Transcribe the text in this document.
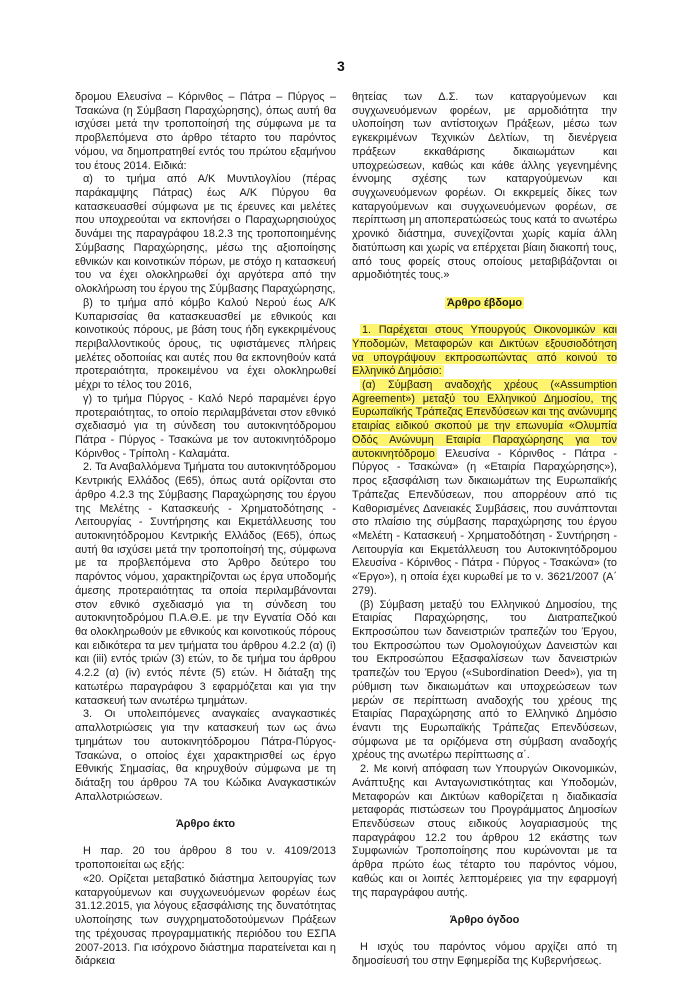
3

δρομου Ελευσίνα – Κόρινθος – Πάτρα – Πύργος – Τσακώνα (η Σύμβαση Παραχώρησης), όπως αυτή θα ισχύσει μετά την τροποποίησή της σύμφωνα με τα προβλεπόμενα στο άρθρο τέταρτο του παρόντος νόμου, να δημοπρατηθεί εντός του πρώτου εξαμήνου του έτους 2014. Ειδικά:

α) το τμήμα από Α/Κ Μυντιλογλίου (πέρας παράκαμψης Πάτρας) έως Α/Κ Πύργου θα κατασκευασθεί σύμφωνα με τις έρευνες και μελέτες που υποχρεούται να εκπονήσει ο Παραχωρησιούχος δυνάμει της παραγράφου 18.2.3 της τροποποιημένης Σύμβασης Παραχώρησης, μέσω της αξιοποίησης εθνικών και κοινοτικών πόρων, με στόχο η κατασκευή του να έχει ολοκληρωθεί όχι αργότερα από την ολοκλήρωση του έργου της Σύμβασης Παραχώρησης,

β) το τμήμα από κόμβο Καλού Νερού έως Α/Κ Κυπαρισσίας θα κατασκευασθεί με εθνικούς και κοινοτικούς πόρους, με βάση τους ήδη εγκεκριμένους περιβαλλοντικούς όρους, τις υφιστάμενες πλήρεις μελέτες οδοποιίας και αυτές που θα εκπονηθούν κατά προτεραιότητα, προκειμένου να έχει ολοκληρωθεί μέχρι το τέλος του 2016,

γ) το τμήμα Πύργος - Καλό Νερό παραμένει έργο προτεραιότητας, το οποίο περιλαμβάνεται στον εθνικό σχεδιασμό για τη σύνδεση του αυτοκινητόδρομου Πάτρα - Πύργος - Τσακώνα με τον αυτοκινητόδρομο Κόρινθος - Τρίπολη - Καλαμάτα.

2. Τα Αναβαλλόμενα Τμήματα του αυτοκινητόδρομου Κεντρικής Ελλάδος (Ε65), όπως αυτά ορίζονται στο άρθρο 4.2.3 της Σύμβασης Παραχώρησης του έργου της Μελέτης - Κατασκευής - Χρηματοδότησης - Λειτουργίας - Συντήρησης και Εκμετάλλευσης του αυτοκινητόδρομου Κεντρικής Ελλάδος (Ε65), όπως αυτή θα ισχύσει μετά την τροποποίησή της, σύμφωνα με τα προβλεπόμενα στο Άρθρο δεύτερο του παρόντος νόμου, χαρακτηρίζονται ως έργα υποδομής άμεσης προτεραιότητας τα οποία περιλαμβάνονται στον εθνικό σχεδιασμό για τη σύνδεση του αυτοκινητοδρόμου Π.Α.Θ.Ε. με την Εγνατία Οδό και θα ολοκληρωθούν με εθνικούς και κοινοτικούς πόρους και ειδικότερα τα μεν τμήματα του άρθρου 4.2.2 (α) (i) και (iii) εντός τριών (3) ετών, το δε τμήμα του άρθρου 4.2.2 (α) (iv) εντός πέντε (5) ετών. Η διάταξη της κατωτέρω παραγράφου 3 εφαρμόζεται και για την κατασκευή των ανωτέρω τμημάτων.

3. Οι υπολειπόμενες αναγκαίες αναγκαστικές απαλλοτριώσεις για την κατασκευή των ως άνω τμημάτων του αυτοκινητόδρομου Πάτρα-Πύργος-Τσακώνα, ο οποίος έχει χαρακτηρισθεί ως έργο Εθνικής Σημασίας, θα κηρυχθούν σύμφωνα με τη διάταξη του άρθρου 7Α του Κώδικα Αναγκαστικών Απαλλοτριώσεων.

Άρθρο έκτο

Η παρ. 20 του άρθρου 8 του ν. 4109/2013 τροποποιείται ως εξής:

«20. Ορίζεται μεταβατικό διάστημα λειτουργίας των καταργούμενων και συγχωνευόμενων φορέων έως 31.12.2015, για λόγους εξασφάλισης της δυνατότητας υλοποίησης των συγχρηματοδοτούμενων Πράξεων της τρέχουσας προγραμματικής περιόδου του ΕΣΠΑ 2007-2013. Για ισόχρονο διάστημα παρατείνεται και η διάρκεια

θητείας των Δ.Σ. των καταργούμενων και συγχωνευόμενων φορέων, με αρμοδιότητα την υλοποίηση των αντίστοιχων Πράξεων, μέσω των εγκεκριμένων Τεχνικών Δελτίων, τη διενέργεια πράξεων εκκαθάρισης δικαιωμάτων και υποχρεώσεων, καθώς και κάθε άλλης γεγενημένης έννομης σχέσης των καταργούμενων και συγχωνευόμενων φορέων. Οι εκκρεμείς δίκες των καταργούμενων και συγχωνευόμενων φορέων, σε περίπτωση μη αποπερατώσεώς τους κατά το ανωτέρω χρονικό διάστημα, συνεχίζονται χωρίς καμία άλλη διατύπωση και χωρίς να επέρχεται βίαιη διακοπή τους, από τους φορείς στους οποίους μεταβιβάζονται οι αρμοδιότητές τους.»

Άρθρο έβδομο

1. Παρέχεται στους Υπουργούς Οικονομικών και Υποδομών, Μεταφορών και Δικτύων εξουσιοδότηση να υπογράψουν εκπροσωπώντας από κοινού το Ελληνικό Δημόσιο:

(α) Σύμβαση αναδοχής χρέους («Assumption Agreement») μεταξύ του Ελληνικού Δημοσίου, της Ευρωπαϊκής Τράπεζας Επενδύσεων και της ανώνυμης εταιρίας ειδικού σκοπού με την επωνυμία «Ολυμπία Οδός Ανώνυμη Εταιρία Παραχώρησης για τον αυτοκινητόδρομο Ελευσίνα - Κόρινθος - Πάτρα - Πύργος - Τσακώνα» (η «Εταιρία Παραχώρησης»), προς εξασφάλιση των δικαιωμάτων της Ευρωπαϊκής Τράπεζας Επενδύσεων, που απορρέουν από τις Καθορισμένες Δανειακές Συμβάσεις, που συνάπτονται στο πλαίσιο της σύμβασης παραχώρησης του έργου «Μελέτη - Κατασκευή - Χρηματοδότηση - Συντήρηση - Λειτουργία και Εκμετάλλευση του Αυτοκινητόδρομου Ελευσίνα - Κόρινθος - Πάτρα - Πύργος - Τσακώνα» (το «Έργο»), η οποία έχει κυρωθεί με το ν. 3621/2007 (Α΄ 279).

(β) Σύμβαση μεταξύ του Ελληνικού Δημοσίου, της Εταιρίας Παραχώρησης, του Διατραπεζικού Εκπροσώπου των δανειστριών τραπεζών του Έργου, του Εκπροσώπου των Ομολογιούχων Δανειστών και του Εκπροσώπου Εξασφαλίσεων των δανειστριών τραπεζών του Έργου («Subordination Deed»), για τη ρύθμιση των δικαιωμάτων και υποχρεώσεων των μερών σε περίπτωση αναδοχής του χρέους της Εταιρίας Παραχώρησης από το Ελληνικό Δημόσιο έναντι της Ευρωπαϊκής Τράπεζας Επενδύσεων, σύμφωνα με τα οριζόμενα στη σύμβαση αναδοχής χρέους της ανωτέρω περίπτωσης α΄.

2. Με κοινή απόφαση των Υπουργών Οικονομικών, Ανάπτυξης και Ανταγωνιστικότητας και Υποδομών, Μεταφορών και Δικτύων καθορίζεται η διαδικασία μεταφοράς πιστώσεων του Προγράμματος Δημοσίων Επενδύσεων στους ειδικούς λογαριασμούς της παραγράφου 12.2 του άρθρου 12 εκάστης των Συμφωνιών Τροποποίησης που κυρώνονται με τα άρθρα πρώτο έως τέταρτο του παρόντος νόμου, καθώς και οι λοιπές λεπτομέρειες για την εφαρμογή της παραγράφου αυτής.

Άρθρο όγδοο

Η ισχύς του παρόντος νόμου αρχίζει από τη δημοσίευσή του στην Εφημερίδα της Κυβερνήσεως.
